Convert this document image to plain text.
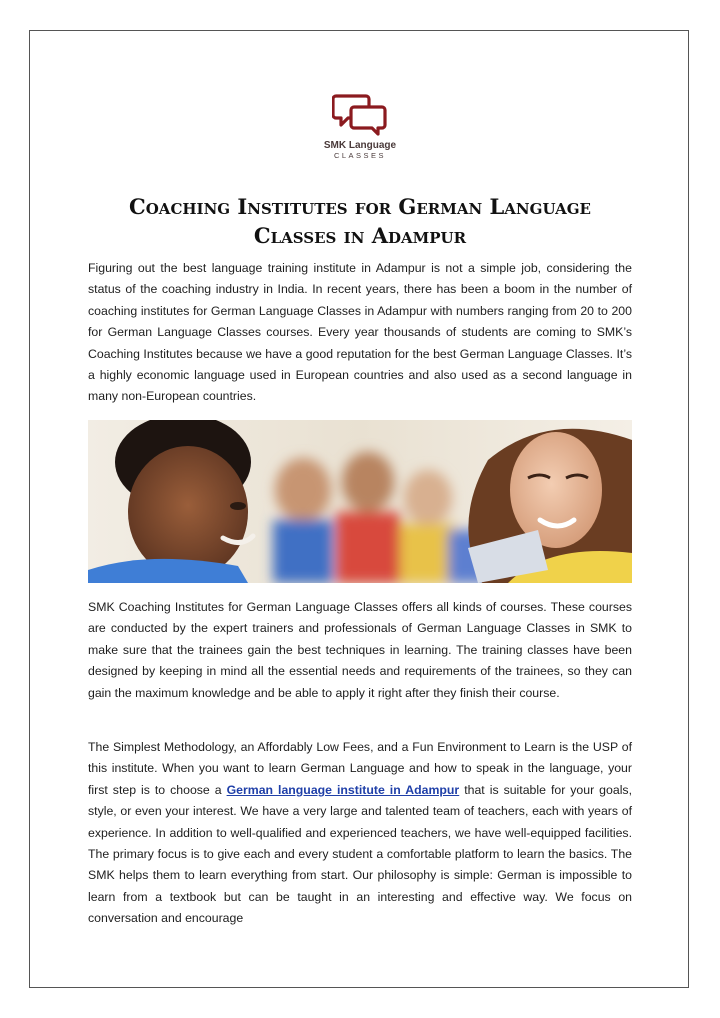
SMK Language
CLASSES
Coaching Institutes for German Language Classes in Adampur

Figuring out the best language training institute in Adampur is not a simple job, considering the status of the coaching industry in India. In recent years, there has been a boom in the number of coaching institutes for German Language Classes in Adampur with numbers ranging from 20 to 200 for German Language Classes courses. Every year thousands of students are coming to SMK’s Coaching Institutes because we have a good reputation for the best German Language Classes. It’s a highly economic language used in European countries and also used as a second language in many non-European countries.

SMK Coaching Institutes for German Language Classes offers all kinds of courses. These courses are conducted by the expert trainers and professionals of German Language Classes in SMK to make sure that the trainees gain the best techniques in learning. The training classes have been designed by keeping in mind all the essential needs and requirements of the trainees, so they can gain the maximum knowledge and be able to apply it right after they finish their course.

The Simplest Methodology, an Affordably Low Fees, and a Fun Environment to Learn is the USP of this institute. When you want to learn German Language and how to speak in the language, your first step is to choose a German language institute in Adampur that is suitable for your goals, style, or even your interest. We have a very large and talented team of teachers, each with years of experience. In addition to well-qualified and experienced teachers, we have well-equipped facilities. The primary focus is to give each and every student a comfortable platform to learn the basics. The SMK helps them to learn everything from start. Our philosophy is simple: German is impossible to learn from a textbook but can be taught in an interesting and effective way. We focus on conversation and encourage
